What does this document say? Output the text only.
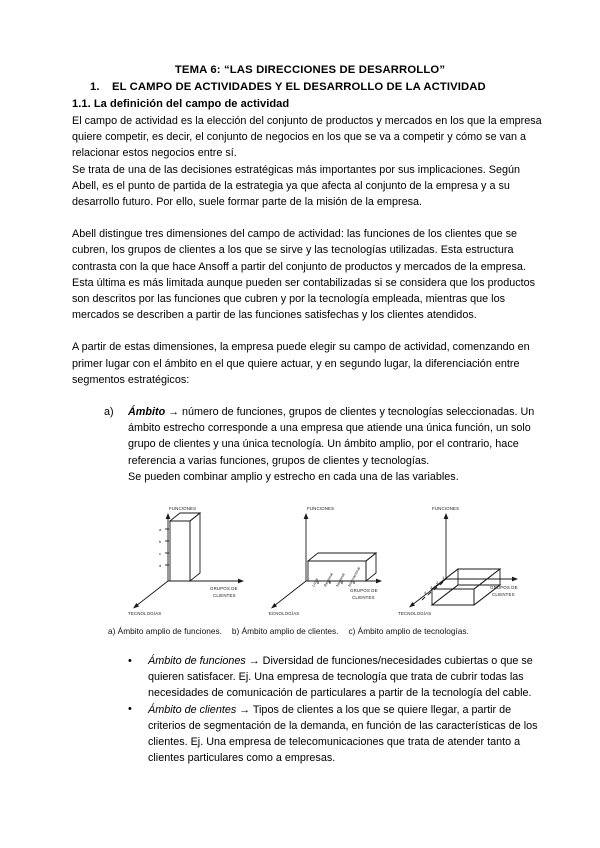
TEMA 6: “LAS DIRECCIONES DE DESARROLLO”
1. EL CAMPO DE ACTIVIDADES Y EL DESARROLLO DE LA ACTIVIDAD
1.1. La definición del campo de actividad

El campo de actividad es la elección del conjunto de productos y mercados en los que la empresa quiere competir, es decir, el conjunto de negocios en los que se va a competir y cómo se van a relacionar estos negocios entre sí.

Se trata de una de las decisiones estratégicas más importantes por sus implicaciones. Según Abell, es el punto de partida de la estrategia ya que afecta al conjunto de la empresa y a su desarrollo futuro. Por ello, suele formar parte de la misión de la empresa.

Abell distingue tres dimensiones del campo de actividad: las funciones de los clientes que se cubren, los grupos de clientes a los que se sirve y las tecnologías utilizadas. Esta estructura contrasta con la que hace Ansoff a partir del conjunto de productos y mercados de la empresa. Esta última es más limitada aunque pueden ser contabilizadas si se considera que los productos son descritos por las funciones que cubren y por la tecnología empleada, mientras que los mercados se describen a partir de las funciones satisfechas y los clientes atendidos.

A partir de estas dimensiones, la empresa puede elegir su campo de actividad, comenzando en primer lugar con el ámbito en el que quiere actuar, y en segundo lugar, la diferenciación entre segmentos estratégicos:

a) Ámbito → número de funciones, grupos de clientes y tecnologías seleccionadas. Un ámbito estrecho corresponde a una empresa que atiende una única función, un solo grupo de clientes y una única tecnología. Un ámbito amplio, por el contrario, hace referencia a varias funciones, grupos de clientes y tecnologías.
Se pueden combinar amplio y estrecho en cada una de las variables.
FUNCIONES
GRUPOS DE
CLIENTES
TECNOLOGÍAS
a
b
c
d
FUNCIONES
GRUPOS DE
CLIENTES
TECNOLOGÍAS
Local Regional Nacional Internacional
FUNCIONES
GRUPOS DE
CLIENTES
TECNOLOGÍAS
1
2
3
4
a) Ámbito amplio de funciones. b) Ámbito amplio de clientes. c) Ámbito amplio de tecnologías.
• Ámbito de funciones → Diversidad de funciones/necesidades cubiertas o que se quieren satisfacer. Ej. Una empresa de tecnología que trata de cubrir todas las necesidades de comunicación de particulares a partir de la tecnología del cable.
• Ámbito de clientes → Tipos de clientes a los que se quiere llegar, a partir de criterios de segmentación de la demanda, en función de las características de los clientes. Ej. Una empresa de telecomunicaciones que trata de atender tanto a clientes particulares como a empresas.
